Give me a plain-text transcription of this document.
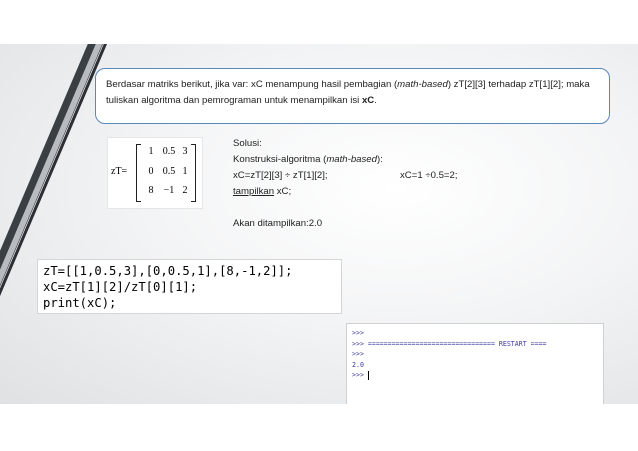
Berdasar matriks berikut, jika var: xC menampung hasil pembagian (math-based) zT[2][3] terhadap zT[1][2]; maka tuliskan algoritma dan pemrograman untuk menampilkan isi xC.
zT=
1 0.5 3
0 0.5 1
8	−1 2
Solusi:
Konstruksi-algoritma (math-based):
xC=zT[2][3] ÷ zT[1][2];	xC=1 ÷0.5=2;
tampilkan xC;
Akan ditampilkan:2.0
zT=[[1,0.5,3],[0,0.5,1],[8,-1,2]];
xC=zT[1][2]/zT[0][1];
print(xC);
>>>
>>> ================================ RESTART ====
>>>
2.0
>>>
